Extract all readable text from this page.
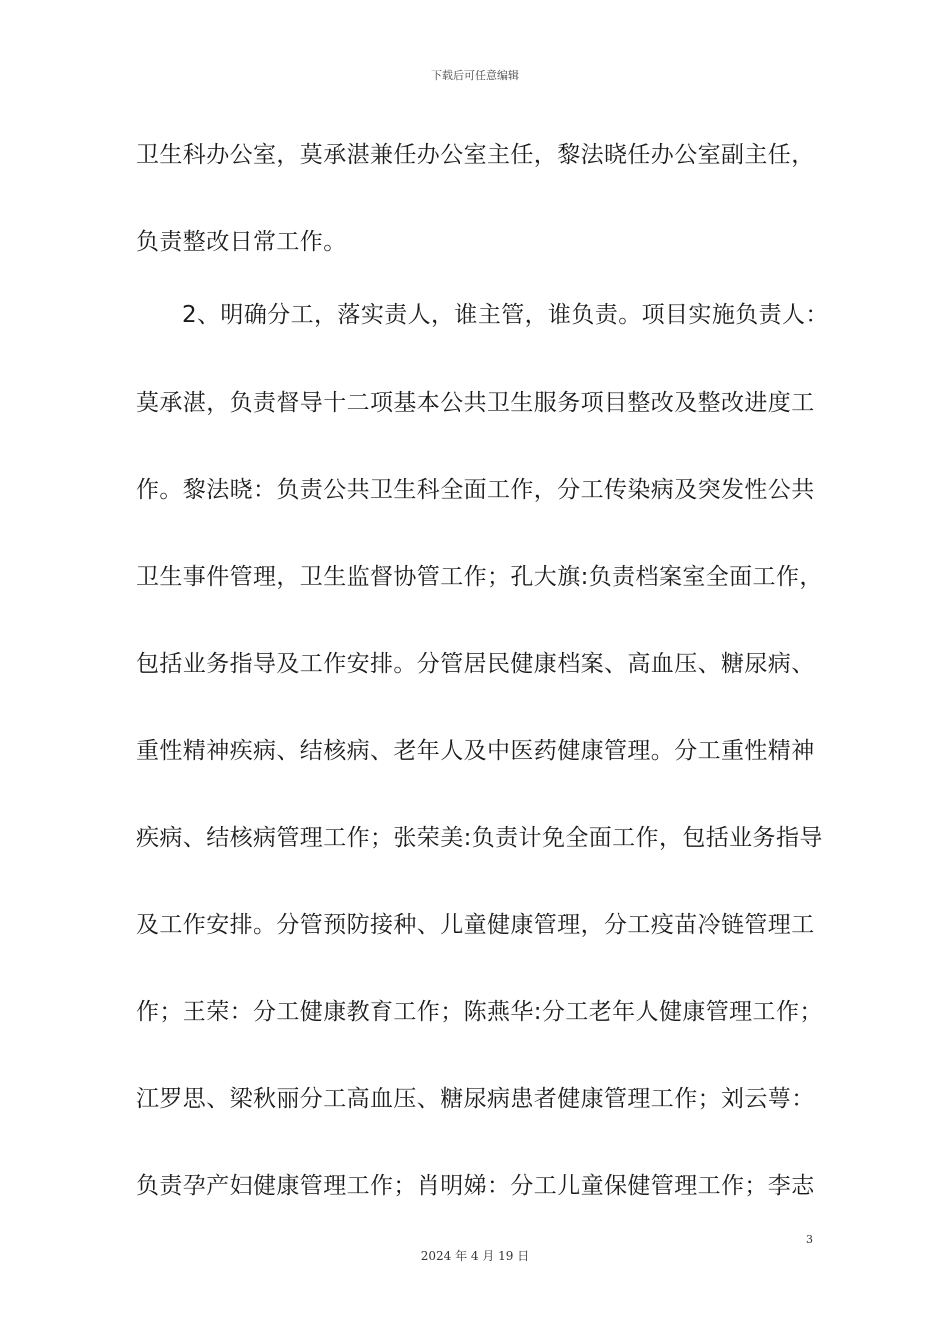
下载后可任意编辑
卫生科办公室，莫承湛兼任办公室主任，黎法晓任办公室副主任，
负责整改日常工作。
2、明确分工，落实责人，谁主管，谁负责。项目实施负责人：
莫承湛，负责督导十二项基本公共卫生服务项目整改及整改进度工
作。黎法晓：负责公共卫生科全面工作，分工传染病及突发性公共
卫生事件管理，卫生监督协管工作；孔大旗:负责档案室全面工作，
包括业务指导及工作安排。分管居民健康档案、高血压、糖尿病、
重性精神疾病、结核病、老年人及中医药健康管理。分工重性精神
疾病、结核病管理工作；张荣美:负责计免全面工作，包括业务指导
及工作安排。分管预防接种、儿童健康管理，分工疫苗冷链管理工
作；王荣：分工健康教育工作；陈燕华:分工老年人健康管理工作；
江罗思、梁秋丽分工高血压、糖尿病患者健康管理工作；刘云萼：
负责孕产妇健康管理工作；肖明娣：分工儿童保健管理工作；李志
3
2024 年 4 月 19 日
